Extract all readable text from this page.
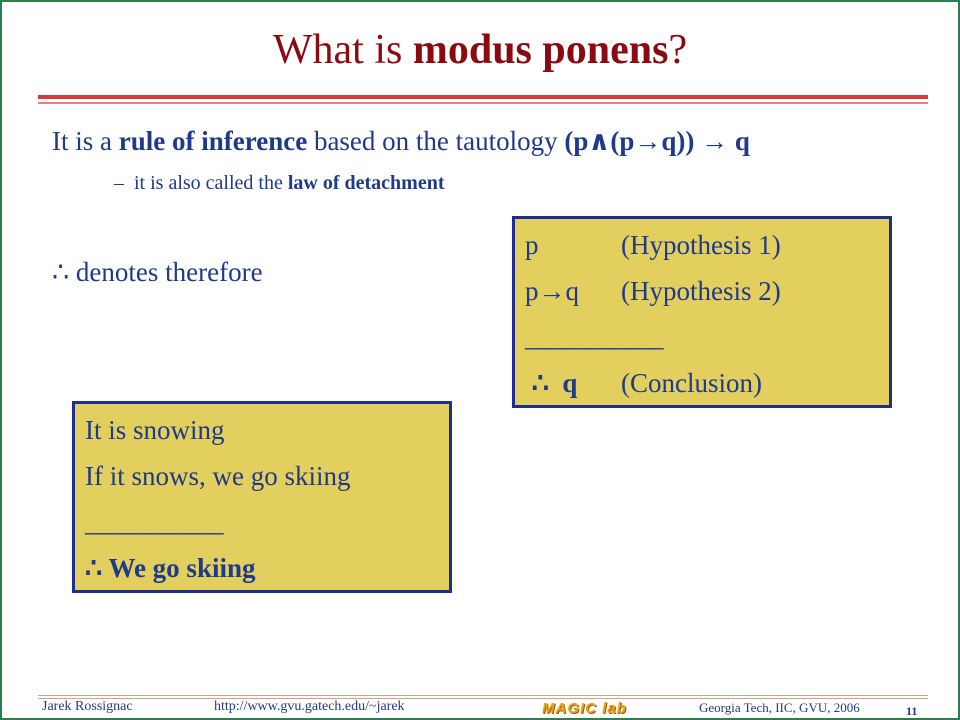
What is modus ponens?
It is a rule of inference based on the tautology (p∧(p→q)) → q
– it is also called the law of detachment
∴ denotes therefore
p	(Hypothesis 1)
p→q (Hypothesis 2)
___________
∴  q (Conclusion)
It is snowing
If it snows, we go skiing
___________
∴ We go skiing
Jarek Rossignac	http://www.gvu.gatech.edu/~jarek	MAGIC lab	Georgia Tech, IIC, GVU, 2006	11
